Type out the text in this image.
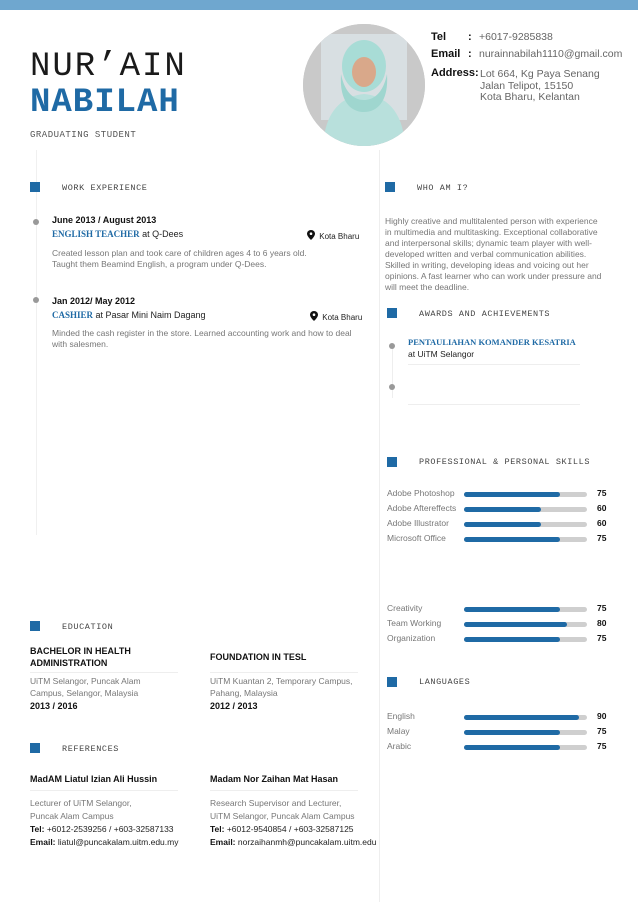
NUR’AIN
NABILAH
GRADUATING STUDENT
Tel : +6017-9285838
Email : nurainnabilah1110@gmail.com
Address: Lot 664, Kg Paya Senang
Jalan Telipot, 15150
Kota Bharu, Kelantan
WORK EXPERIENCE
June 2013 / August 2013
ENGLISH TEACHER at Q-Dees	Kota Bharu
Created lesson plan and took care of children ages 4 to 6 years old.
Taught them Beamind English, a program under Q-Dees.
Jan 2012/ May 2012
CASHIER at Pasar Mini Naim Dagang	Kota Bharu
Minded the cash register in the store. Learned accounting work and how to deal
with salesmen.
WHO AM I?
Highly creative and multitalented person with experience
in multimedia and multitasking. Exceptional collaborative
and interpersonal skills; dynamic team player with well-
developed written and verbal communication abilities.
Skilled in writing, developing ideas and voicing out her
opinions. A fast learner who can work under pressure and
will meet the deadline.
AWARDS AND ACHIEVEMENTS
PENTAULIAHAN KOMANDER KESATRIA
at UiTM Selangor
PROFESSIONAL & PERSONAL SKILLS
Adobe Photoshop	75
Adobe Aftereffects	60
Adobe Illustrator	60
Microsoft Office	75
Creativity	75
Team Working	80
Organization	75
LANGUAGES
English	90
Malay	75
Arabic	75
EDUCATION
BACHELOR IN HEALTH
ADMINISTRATION
UiTM Selangor, Puncak Alam
Campus, Selangor, Malaysia
2013 / 2016
FOUNDATION IN TESL
UiTM Kuantan 2, Temporary Campus,
Pahang, Malaysia
2012 / 2013
REFERENCES
MadAM Liatul Izian Ali Hussin
Lecturer of UiTM Selangor,
Puncak Alam Campus
Tel: +6012-2539256 / +603-32587133
Email: liatul@puncakalam.uitm.edu.my
Madam Nor Zaihan Mat Hasan
Research Supervisor and Lecturer,
UiTM Selangor, Puncak Alam Campus
Tel: +6012-9540854 / +603-32587125
Email: norzaihanmh@puncakalam.uitm.edu
